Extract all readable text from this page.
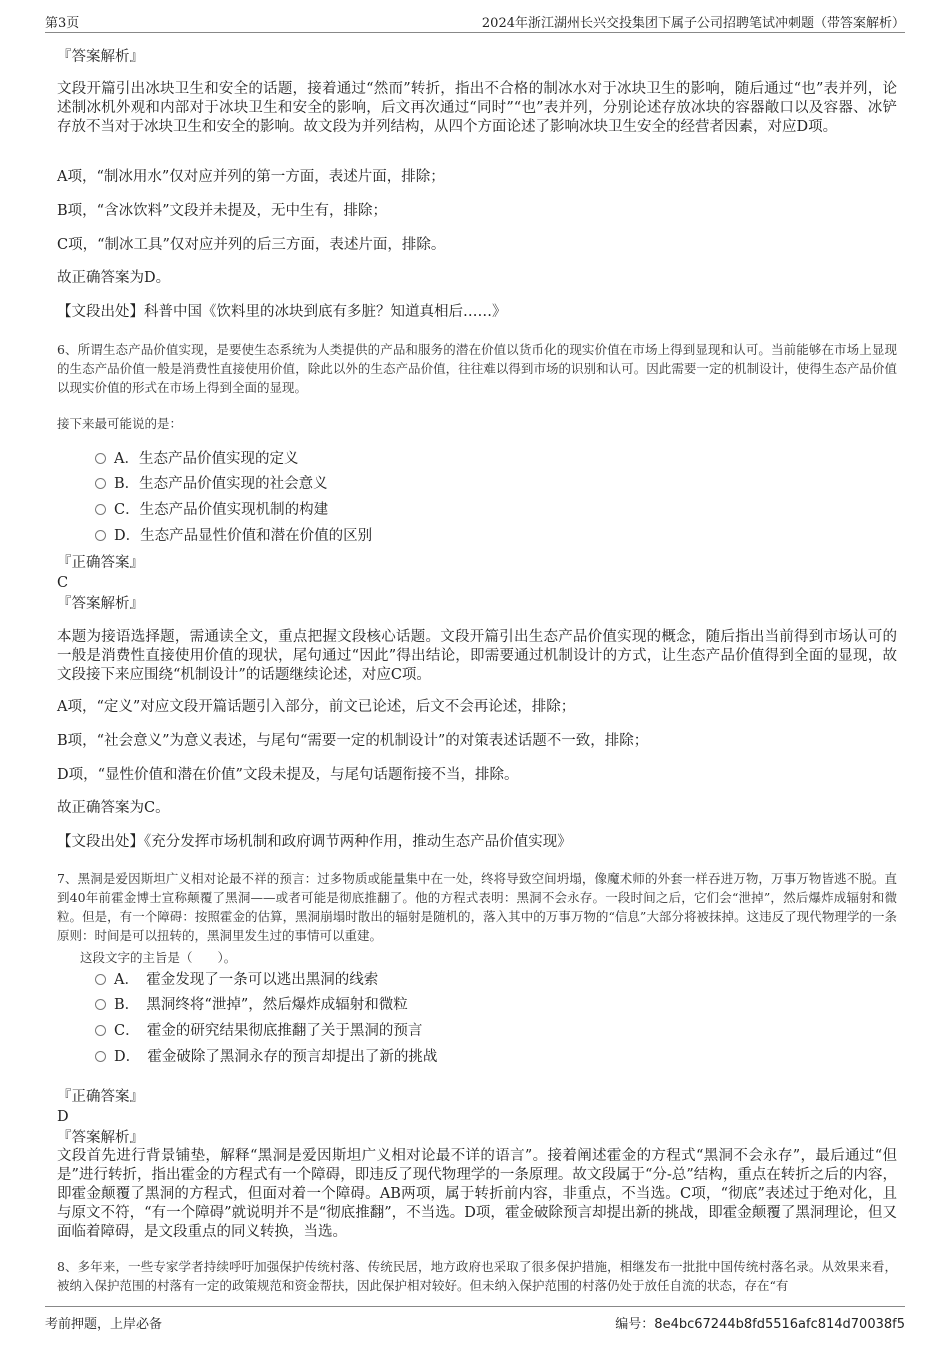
第3页	2024年浙江湖州长兴交投集团下属子公司招聘笔试冲刺题（带答案解析）

『答案解析』

文段开篇引出冰块卫生和安全的话题，接着通过“然而”转折，指出不合格的制冰水对于冰块卫生的影响，随后通过“也”表并列，论述制冰机外观和内部对于冰块卫生和安全的影响，后文再次通过“同时”“也”表并列，分别论述存放冰块的容器敞口以及容器、冰铲存放不当对于冰块卫生和安全的影响。故文段为并列结构，从四个方面论述了影响冰块卫生安全的经营者因素，对应D项。

A项，“制冰用水”仅对应并列的第一方面，表述片面，排除；

B项，“含冰饮料”文段并未提及，无中生有，排除；

C项，“制冰工具”仅对应并列的后三方面，表述片面，排除。

故正确答案为D。

【文段出处】科普中国《饮料里的冰块到底有多脏？知道真相后……》

6、所谓生态产品价值实现，是要使生态系统为人类提供的产品和服务的潜在价值以货币化的现实价值在市场上得到显现和认可。当前能够在市场上显现的生态产品价值一般是消费性直接使用价值，除此以外的生态产品价值，往往难以得到市场的识别和认可。因此需要一定的机制设计，使得生态产品价值以现实价值的形式在市场上得到全面的显现。

接下来最可能说的是：

A．生态产品价值实现的定义
B．生态产品价值实现的社会意义
C．生态产品价值实现机制的构建
D．生态产品显性价值和潜在价值的区别

『正确答案』

C

『答案解析』

本题为接语选择题，需通读全文，重点把握文段核心话题。文段开篇引出生态产品价值实现的概念，随后指出当前得到市场认可的一般是消费性直接使用价值的现状，尾句通过“因此”得出结论，即需要通过机制设计的方式，让生态产品价值得到全面的显现，故文段接下来应围绕“机制设计”的话题继续论述，对应C项。

A项，“定义”对应文段开篇话题引入部分，前文已论述，后文不会再论述，排除；

B项，“社会意义”为意义表述，与尾句“需要一定的机制设计”的对策表述话题不一致，排除；

D项，“显性价值和潜在价值”文段未提及，与尾句话题衔接不当，排除。

故正确答案为C。

【文段出处】《充分发挥市场机制和政府调节两种作用，推动生态产品价值实现》

7、黑洞是爱因斯坦广义相对论最不祥的预言：过多物质或能量集中在一处，终将导致空间坍塌，像魔术师的外套一样吞进万物，万事万物皆逃不脱。直到40年前霍金博士宣称颠覆了黑洞——或者可能是彻底推翻了。他的方程式表明：黑洞不会永存。一段时间之后，它们会“泄掉”，然后爆炸成辐射和微粒。但是，有一个障碍：按照霍金的估算，黑洞崩塌时散出的辐射是随机的，落入其中的万事万物的“信息”大部分将被抹掉。这违反了现代物理学的一条原则：时间是可以扭转的，黑洞里发生过的事情可以重建。

这段文字的主旨是（　　）。

A．　霍金发现了一条可以逃出黑洞的线索
B．　黑洞终将“泄掉”，然后爆炸成辐射和微粒
C．　霍金的研究结果彻底推翻了关于黑洞的预言
D．　霍金破除了黑洞永存的预言却提出了新的挑战

『正确答案』

D

『答案解析』

文段首先进行背景铺垫，解释“黑洞是爱因斯坦广义相对论最不详的语言”。接着阐述霍金的方程式“黑洞不会永存”，最后通过“但是”进行转折，指出霍金的方程式有一个障碍，即违反了现代物理学的一条原理。故文段属于“分-总”结构，重点在转折之后的内容，即霍金颠覆了黑洞的方程式，但面对着一个障碍。AB两项，属于转折前内容，非重点，不当选。C项，“彻底”表述过于绝对化，且与原文不符，“有一个障碍”就说明并不是“彻底推翻”，不当选。D项，霍金破除预言却提出新的挑战，即霍金颠覆了黑洞理论，但又面临着障碍，是文段重点的同义转换，当选。

8、多年来，一些专家学者持续呼吁加强保护传统村落、传统民居，地方政府也采取了很多保护措施，相继发布一批批中国传统村落名录。从效果来看，被纳入保护范围的村落有一定的政策规范和资金帮扶，因此保护相对较好。但未纳入保护范围的村落仍处于放任自流的状态，存在“有

考前押题，上岸必备	编号：8e4bc67244b8fd5516afc814d70038f5
